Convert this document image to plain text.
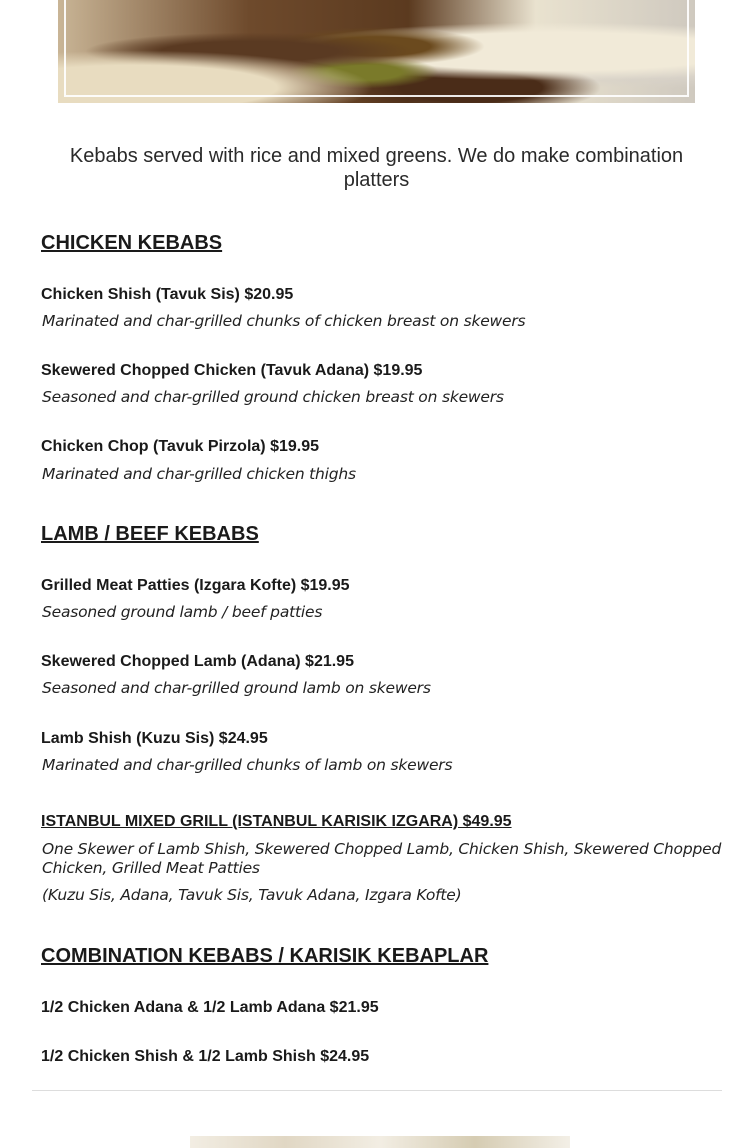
Kebabs served with rice and mixed greens. We do make combination platters
CHICKEN KEBABS
Chicken Shish (Tavuk Sis) $20.95
Marinated and char-grilled chunks of chicken breast on skewers
Skewered Chopped Chicken (Tavuk Adana) $19.95
Seasoned and char-grilled ground chicken breast on skewers
Chicken Chop (Tavuk Pirzola) $19.95
Marinated and char-grilled chicken thighs
LAMB / BEEF KEBABS
Grilled Meat Patties (Izgara Kofte) $19.95
Seasoned ground lamb / beef patties
Skewered Chopped Lamb (Adana) $21.95
Seasoned and char-grilled ground lamb on skewers
Lamb Shish (Kuzu Sis) $24.95
Marinated and char-grilled chunks of lamb on skewers
ISTANBUL MIXED GRILL (ISTANBUL KARISIK IZGARA) $49.95
One Skewer of Lamb Shish, Skewered Chopped Lamb, Chicken Shish, Skewered Chopped Chicken, Grilled Meat Patties
(Kuzu Sis, Adana, Tavuk Sis, Tavuk Adana, Izgara Kofte)
COMBINATION KEBABS / KARISIK KEBAPLAR
1/2 Chicken Adana & 1/2 Lamb Adana $21.95
1/2 Chicken Shish & 1/2 Lamb Shish $24.95
